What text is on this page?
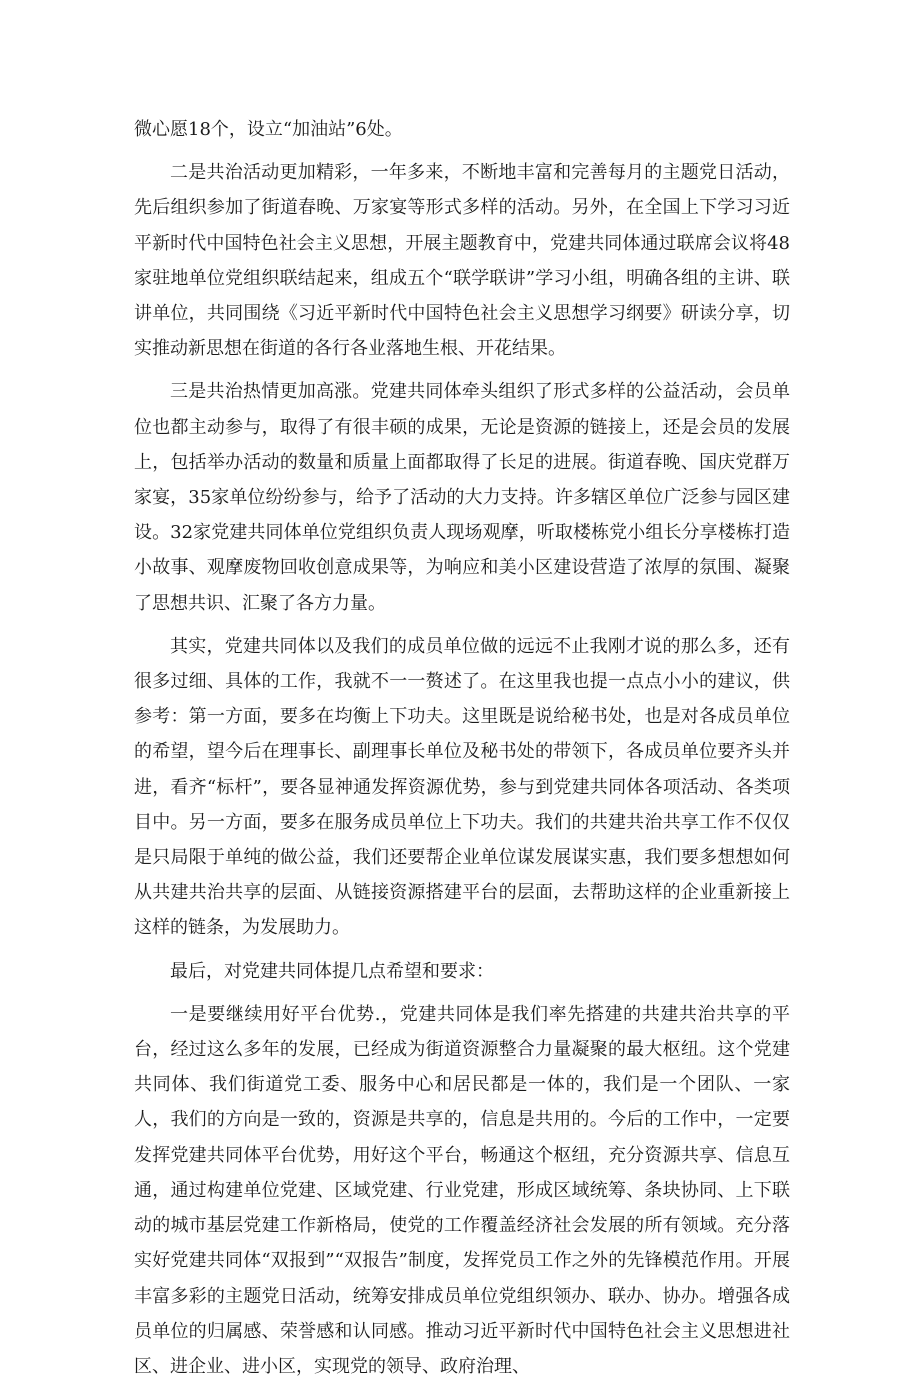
微心愿18个，设立“加油站”6处。

二是共治活动更加精彩，一年多来，不断地丰富和完善每月的主题党日活动，先后组织参加了街道春晚、万家宴等形式多样的活动。另外，在全国上下学习习近平新时代中国特色社会主义思想，开展主题教育中，党建共同体通过联席会议将48家驻地单位党组织联结起来，组成五个“联学联讲”学习小组，明确各组的主讲、联讲单位，共同围绕《习近平新时代中国特色社会主义思想学习纲要》研读分享，切实推动新思想在街道的各行各业落地生根、开花结果。

三是共治热情更加高涨。党建共同体牵头组织了形式多样的公益活动，会员单位也都主动参与，取得了有很丰硕的成果，无论是资源的链接上，还是会员的发展上，包括举办活动的数量和质量上面都取得了长足的进展。街道春晚、国庆党群万家宴，35家单位纷纷参与，给予了活动的大力支持。许多辖区单位广泛参与园区建设。32家党建共同体单位党组织负责人现场观摩，听取楼栋党小组长分享楼栋打造小故事、观摩废物回收创意成果等，为响应和美小区建设营造了浓厚的氛围、凝聚了思想共识、汇聚了各方力量。

其实，党建共同体以及我们的成员单位做的远远不止我刚才说的那么多，还有很多过细、具体的工作，我就不一一赘述了。在这里我也提一点点小小的建议，供参考：第一方面，要多在均衡上下功夫。这里既是说给秘书处，也是对各成员单位的希望，望今后在理事长、副理事长单位及秘书处的带领下，各成员单位要齐头并进，看齐“标杆”，要各显神通发挥资源优势，参与到党建共同体各项活动、各类项目中。另一方面，要多在服务成员单位上下功夫。我们的共建共治共享工作不仅仅是只局限于单纯的做公益，我们还要帮企业单位谋发展谋实惠，我们要多想想如何从共建共治共享的层面、从链接资源搭建平台的层面，去帮助这样的企业重新接上这样的链条，为发展助力。

最后，对党建共同体提几点希望和要求：

一是要继续用好平台优势.，党建共同体是我们率先搭建的共建共治共享的平台，经过这么多年的发展，已经成为街道资源整合力量凝聚的最大枢纽。这个党建共同体、我们街道党工委、服务中心和居民都是一体的，我们是一个团队、一家人，我们的方向是一致的，资源是共享的，信息是共用的。今后的工作中，一定要发挥党建共同体平台优势，用好这个平台，畅通这个枢纽，充分资源共享、信息互通，通过构建单位党建、区域党建、行业党建，形成区域统筹、条块协同、上下联动的城市基层党建工作新格局，使党的工作覆盖经济社会发展的所有领域。充分落实好党建共同体“双报到”“双报告”制度，发挥党员工作之外的先锋模范作用。开展丰富多彩的主题党日活动，统筹安排成员单位党组织领办、联办、协办。增强各成员单位的归属感、荣誉感和认同感。推动习近平新时代中国特色社会主义思想进社区、进企业、进小区，实现党的领导、政府治理、
